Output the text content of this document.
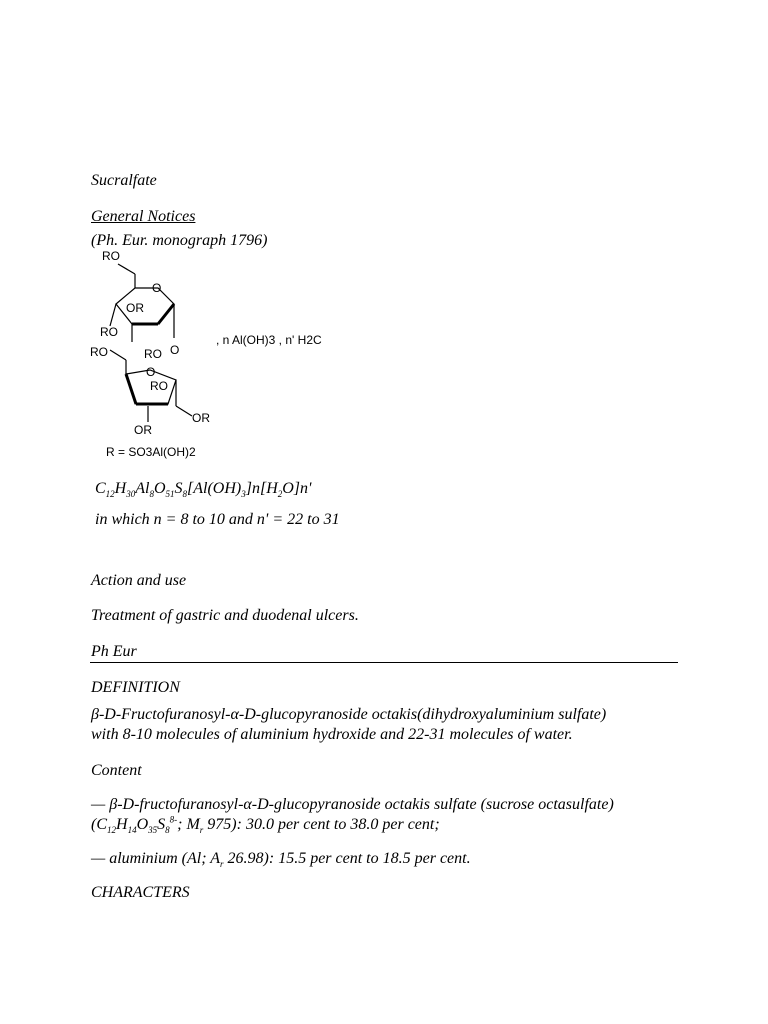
Sucralfate
General Notices
(Ph. Eur. monograph 1796)
RO
OR
O
RO
RO O
RO
O
RO
OR
OR
, n Al(OH)3 , n' H2C
R = SO3Al(OH)2
$C_{12}H_{30}Al_8O_{51}S_8[Al(OH)_3]n[H_2O]n'$
in which n = 8 to 10 and n' = 22 to 31
Action and use
Treatment of gastric and duodenal ulcers.
Ph Eur
DEFINITION
β-D-Fructofuranosyl-α-D-glucopyranoside octakis(dihydroxyaluminium sulfate)
with 8-10 molecules of aluminium hydroxide and 22-31 molecules of water.
Content
— β-D-fructofuranosyl-α-D-glucopyranoside octakis sulfate (sucrose octasulfate)
($C_{12}H_{14}O_{35}S_8^{8-}$; $M_r$ 975): 30.0 per cent to 38.0 per cent;
— aluminium (Al; $A_r$ 26.98): 15.5 per cent to 18.5 per cent.
CHARACTERS
